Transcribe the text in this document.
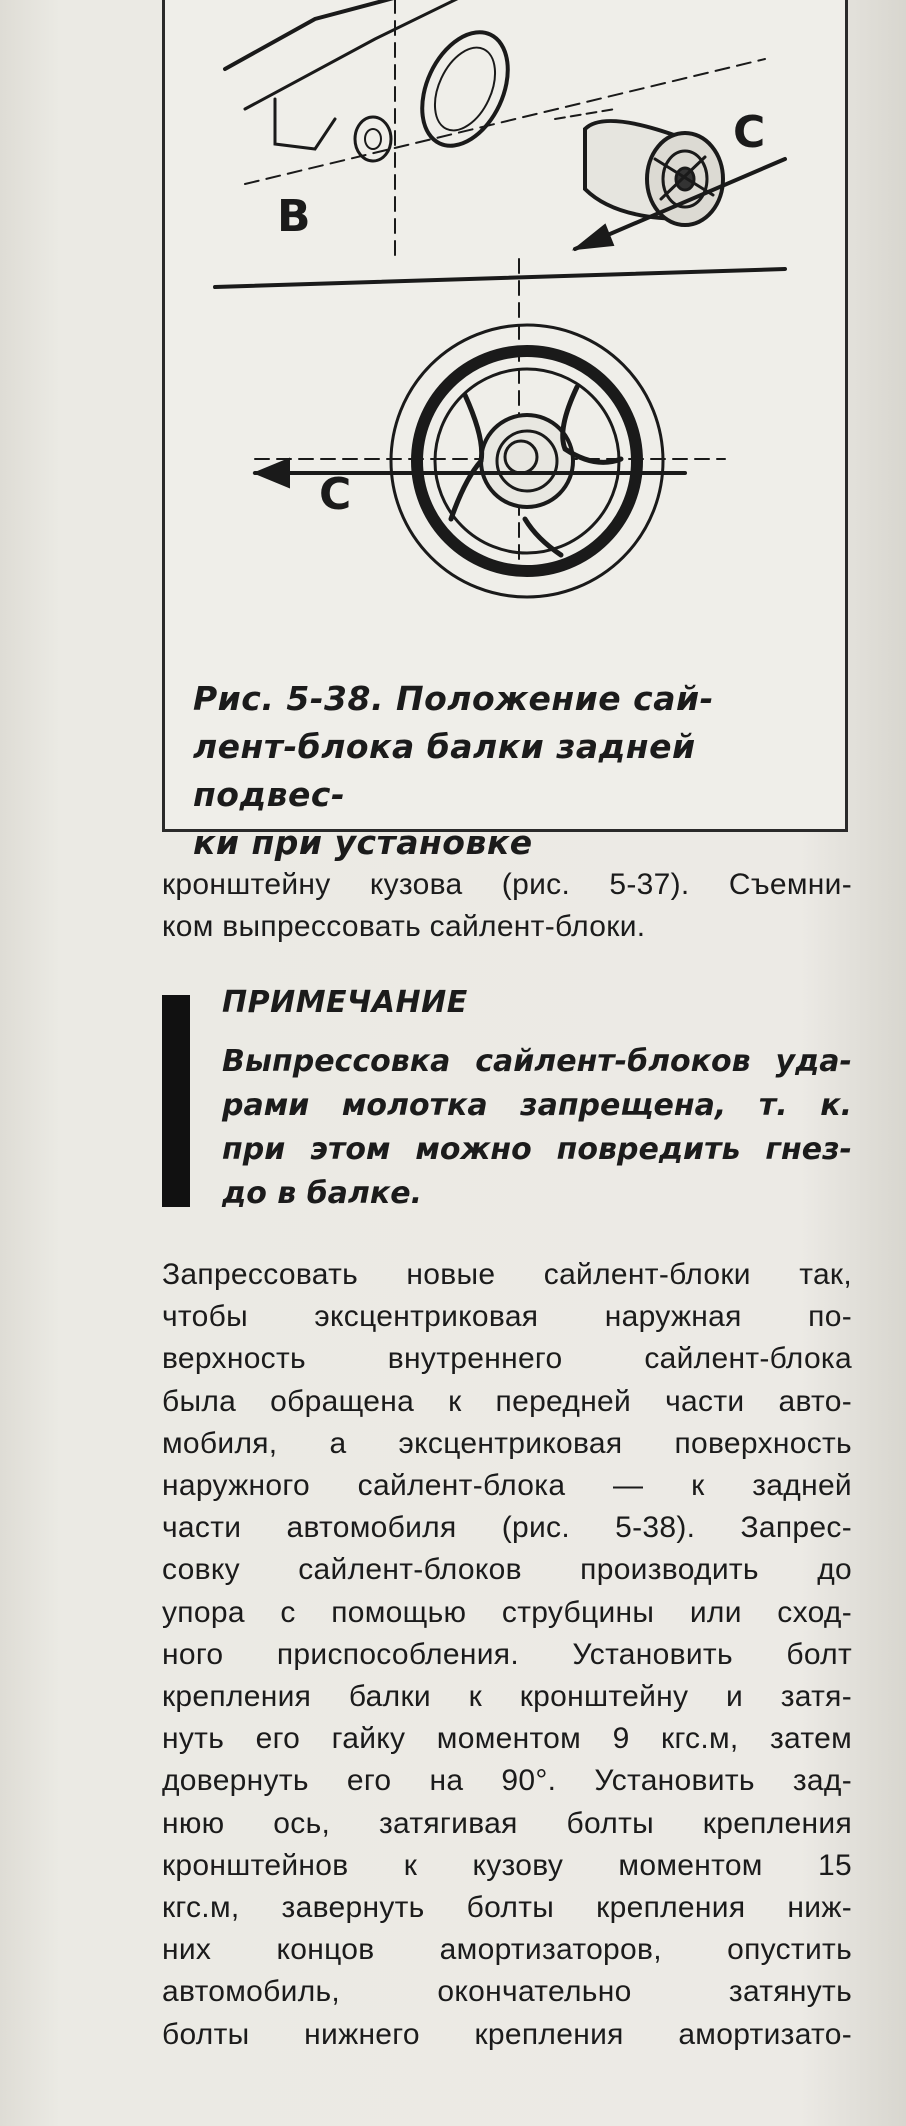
B
C
C
Рис. 5-38. Положение сай-
лент-блока балки задней подвес-
ки при установке
кронштейну кузова (рис. 5-37). Съемни-
ком выпрессовать сайлент-блоки.
ПРИМЕЧАНИЕ
Выпрессовка сайлент-блоков уда-
рами молотка запрещена, т. к.
при этом можно повредить гнез-
до в балке.
Запрессовать новые сайлент-блоки так,
чтобы эксцентриковая наружная по-
верхность внутреннего сайлент-блока
была обращена к передней части авто-
мобиля, а эксцентриковая поверхность
наружного сайлент-блока — к задней
части автомобиля (рис. 5-38). Запрес-
совку сайлент-блоков производить до
упора с помощью струбцины или сход-
ного приспособления. Установить болт
крепления балки к кронштейну и затя-
нуть его гайку моментом 9 кгс.м, затем
довернуть его на 90°. Установить зад-
нюю ось, затягивая болты крепления
кронштейнов к кузову моментом 15
кгс.м, завернуть болты крепления ниж-
них концов амортизаторов, опустить
автомобиль, окончательно затянуть
болты нижнего крепления амортизато-
